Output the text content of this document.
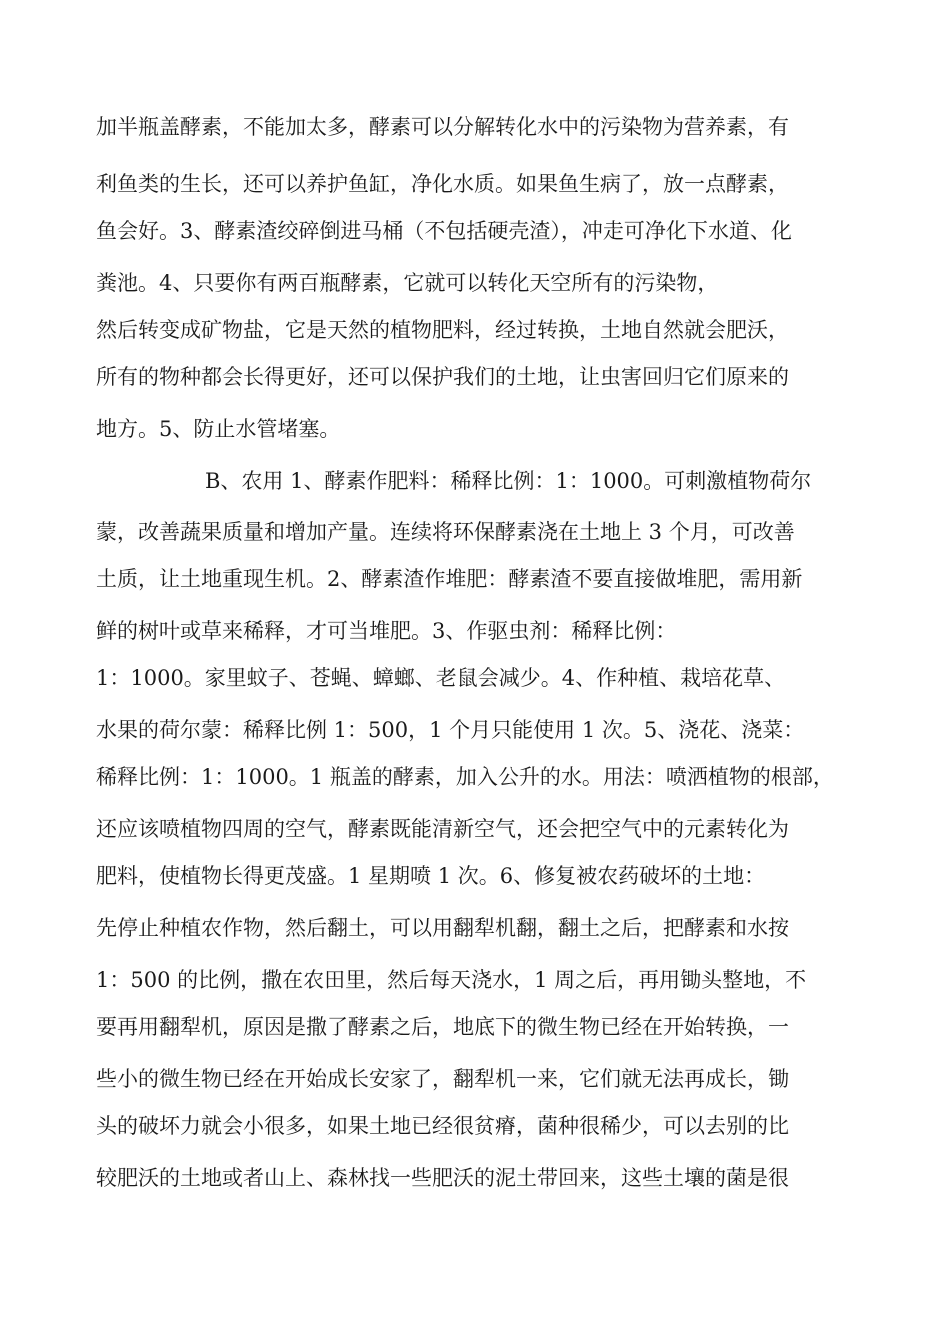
加半瓶盖酵素，不能加太多，酵素可以分解转化水中的污染物为营养素，有
利鱼类的生长，还可以养护鱼缸，净化水质。如果鱼生病了，放一点酵素，
鱼会好。3、酵素渣绞碎倒进马桶（不包括硬壳渣），冲走可净化下水道、化
粪池。4、只要你有两百瓶酵素，它就可以转化天空所有的污染物，
然后转变成矿物盐，它是天然的植物肥料，经过转换，土地自然就会肥沃，
所有的物种都会长得更好，还可以保护我们的土地，让虫害回归它们原来的
地方。5、防止水管堵塞。
B、农用 1、酵素作肥料：稀释比例：1：1000。可刺激植物荷尔
蒙，改善蔬果质量和增加产量。连续将环保酵素浇在土地上 3 个月，可改善
土质，让土地重现生机。2、酵素渣作堆肥：酵素渣不要直接做堆肥，需用新
鲜的树叶或草来稀释，才可当堆肥。3、作驱虫剂：稀释比例：
1：1000。家里蚊子、苍蝇、蟑螂、老鼠会减少。4、作种植、栽培花草、
水果的荷尔蒙：稀释比例 1：500，1 个月只能使用 1 次。5、浇花、浇菜：
稀释比例：1：1000。1 瓶盖的酵素，加入公升的水。用法：喷洒植物的根部，
还应该喷植物四周的空气，酵素既能清新空气，还会把空气中的元素转化为
肥料，使植物长得更茂盛。1 星期喷 1 次。6、修复被农药破坏的土地：
先停止种植农作物，然后翻土，可以用翻犁机翻，翻土之后，把酵素和水按
1：500 的比例，撒在农田里，然后每天浇水，1 周之后，再用锄头整地，不
要再用翻犁机，原因是撒了酵素之后，地底下的微生物已经在开始转换，一
些小的微生物已经在开始成长安家了，翻犁机一来，它们就无法再成长，锄
头的破坏力就会小很多，如果土地已经很贫瘠，菌种很稀少，可以去别的比
较肥沃的土地或者山上、森林找一些肥沃的泥土带回来，这些土壤的菌是很
